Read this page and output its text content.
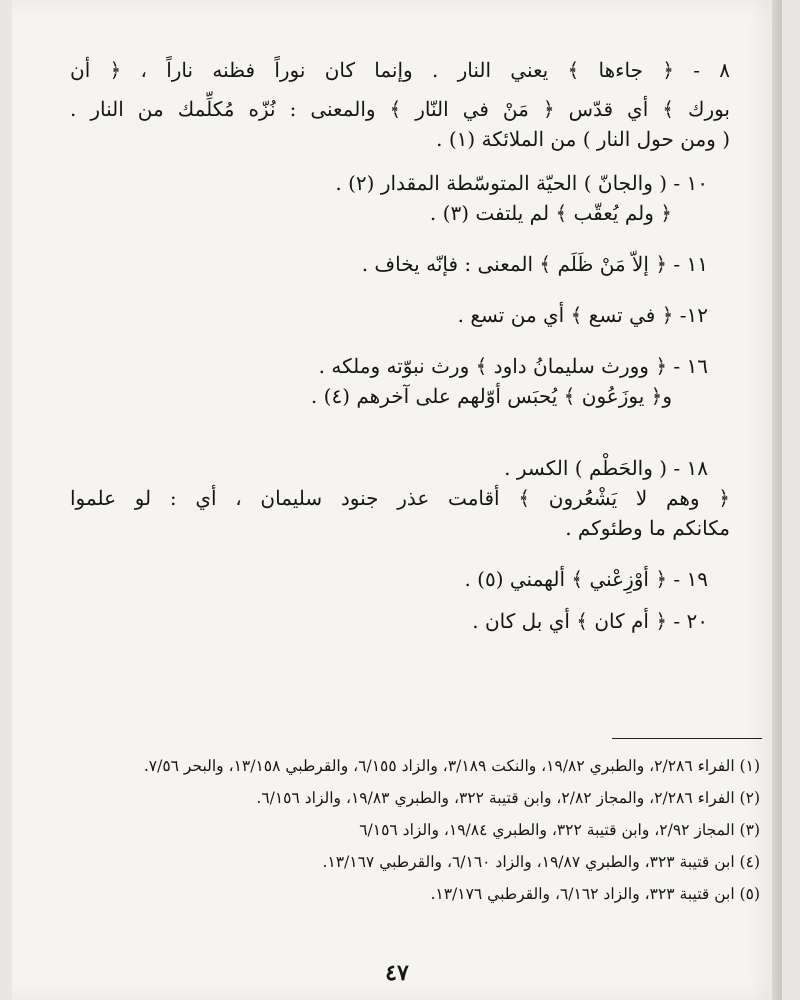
٨ - ﴿ جاءها ﴾ يعني النار . وإنما كان نوراً فظنه ناراً ، ﴿ أن

بورك ﴾ أي قدّس ﴿ مَنْ في النّار ﴾ والمعنى : نُزّه مُكلِّمك من النار .

( ومن حول النار ) من الملائكة (١) .

١٠ - ( والجانّ ) الحيّة المتوسّطة المقدار (٢) .

﴿ ولم يُعقّب ﴾ لم يلتفت (٣) .

١١ - ﴿ إلاّ مَنْ ظَلَم ﴾ المعنى : فإنّه يخاف .

١٢- ﴿ في تسع ﴾ أي من تسع .

١٦ - ﴿ وورث سليمانُ داود ﴾ ورث نبوّته وملكه .

و﴿ يوزَعُون ﴾ يُحبَس أوّلهم على آخرهم (٤) .

١٨ - ( والحَطْم ) الكسر .

﴿ وهم لا يَشْعُرون ﴾ أقامت عذر جنود سليمان ، أي : لو علموا

مكانكم ما وطئوكم .

١٩ - ﴿ أوْزِعْني ﴾ ألهمني (٥) .

٢٠ - ﴿ أم كان ﴾ أي بل كان .

(١) الفراء ٢/٢٨٦، والطبري ١٩/٨٢، والنكت ٣/١٨٩، والزاد ٦/١٥٥، والقرطبي ١٣/١٥٨، والبحر ٧/٥٦.

(٢) الفراء ٢/٢٨٦، والمجاز ٢/٨٢، وابن قتيبة ٣٢٢، والطبري ١٩/٨٣، والزاد ٦/١٥٦.

(٣) المجاز ٢/٩٢، وابن قتيبة ٣٢٢، والطبري ١٩/٨٤، والزاد ٦/١٥٦

(٤) ابن قتيبة ٣٢٣، والطبري ١٩/٨٧، والزاد ٦/١٦٠، والقرطبي ١٣/١٦٧.

(٥) ابن قتيبة ٣٢٣، والزاد ٦/١٦٢، والقرطبي ١٣/١٧٦.

٤٧
